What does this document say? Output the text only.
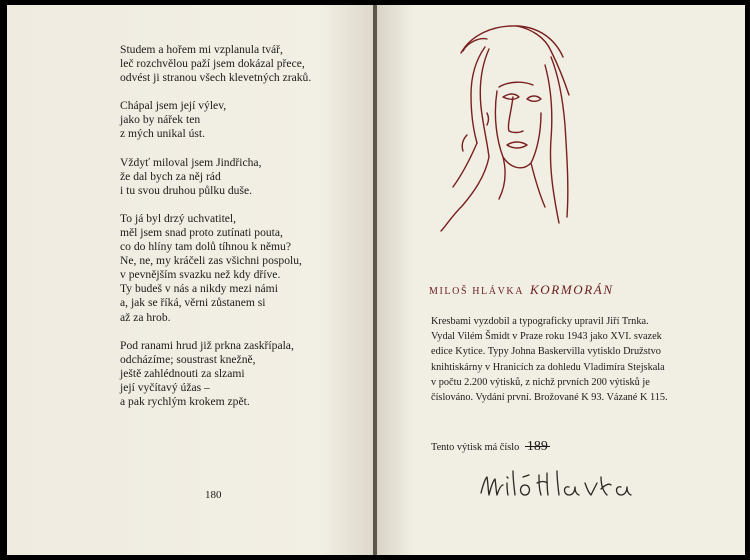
Studem a hořem mi vzplanula tvář,
leč rozchvělou paží jsem dokázal přece,
odvést ji stranou všech klevetných zraků.
Chápal jsem její výlev,
jako by nářek ten
z mých unikal úst.
Vždyť miloval jsem Jindřicha,
že dal bych za něj rád
i tu svou druhou půlku duše.
To já byl drzý uchvatitel,
měl jsem snad proto zutínati pouta,
co do hlíny tam dolů tíhnou k němu?
Ne, ne, my kráčeli zas všichni pospolu,
v pevnějším svazku než kdy dříve.
Ty budeš v nás a nikdy mezi námi
a, jak se říká, věrni zůstanem si
až za hrob.
Pod ranami hrud již prkna zaskřípala,
odcházíme; soustrast knežně,
ještě zahlédnouti za slzami
její vyčítavý úžas –
a pak rychlým krokem zpět.
180
MILOŠ HLÁVKA KORMORÁN
Kresbami vyzdobil a typograficky upravil Jiří Trnka.
Vydal Vilém Šmidt v Praze roku 1943 jako XVI. svazek
edice Kytice. Typy Johna Baskervilla vytisklo Družstvo
knihtiskárny v Hranicích za dohledu Vladimíra Stejskala
v počtu 2.200 výtisků, z nichž prvních 200 výtisků je
číslováno. Vydání první. Brožované K 93. Vázané K 115.
Tento výtisk má číslo 189
